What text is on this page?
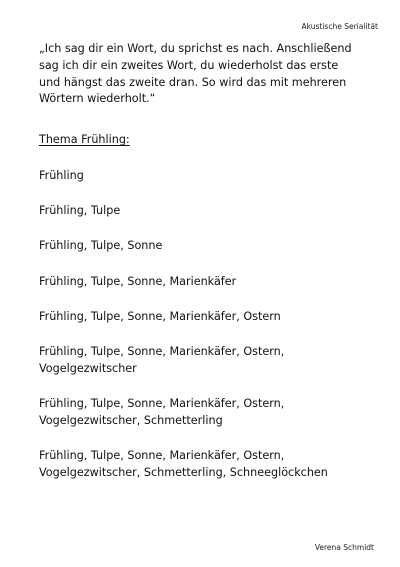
Akustische Serialität

„Ich sag dir ein Wort, du sprichst es nach. Anschließend
sag ich dir ein zweites Wort, du wiederholst das erste
und hängst das zweite dran. So wird das mit mehreren
Wörtern wiederholt.“

Thema Frühling:
Frühling
Frühling, Tulpe
Frühling, Tulpe, Sonne
Frühling, Tulpe, Sonne, Marienkäfer
Frühling, Tulpe, Sonne, Marienkäfer, Ostern
Frühling, Tulpe, Sonne, Marienkäfer, Ostern,
Vogelgezwitscher
Frühling, Tulpe, Sonne, Marienkäfer, Ostern,
Vogelgezwitscher, Schmetterling
Frühling, Tulpe, Sonne, Marienkäfer, Ostern,
Vogelgezwitscher, Schmetterling, Schneeglöckchen
Verena Schmidt
